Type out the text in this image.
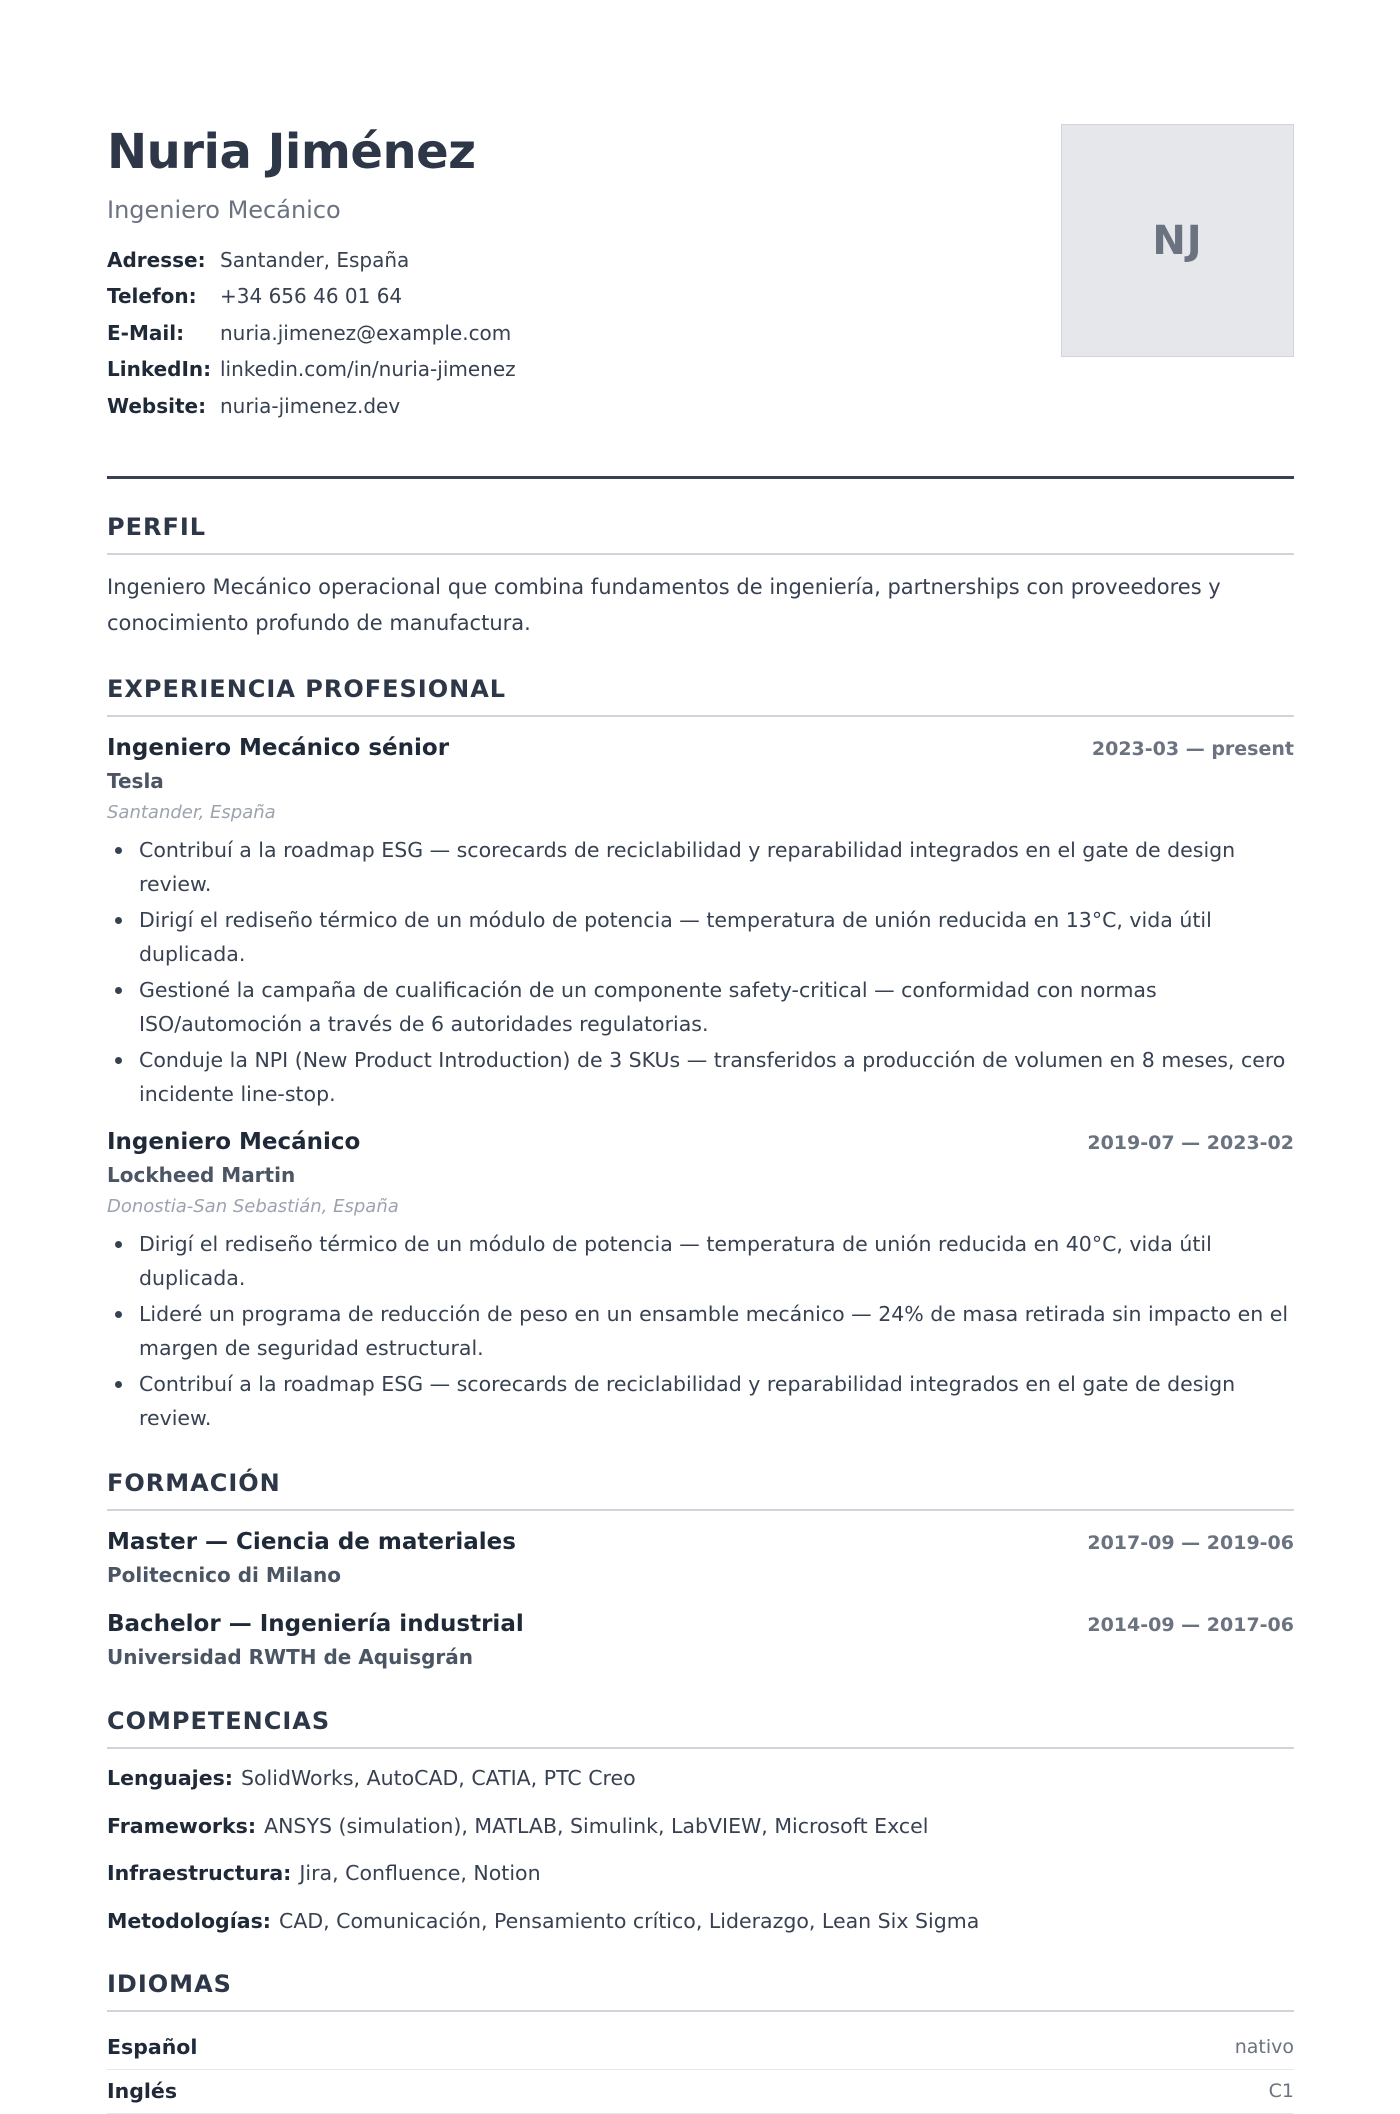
Nuria Jiménez
Ingeniero Mecánico
Adresse: Santander, España
Telefon:	+34 656 46 01 64
E-Mail:	nuria.jimenez@example.com
LinkedIn: linkedin.com/in/nuria-jimenez
Website: nuria-jimenez.dev
NJ
PERFIL

Ingeniero Mecánico operacional que combina fundamentos de ingeniería, partnerships con proveedores y conocimiento profundo de manufactura.

EXPERIENCIA PROFESIONAL
Ingeniero Mecánico sénior	2023-03 — present
Tesla
Santander, España
Contribuí a la roadmap ESG — scorecards de reciclabilidad y reparabilidad integrados en el gate de design review.
Dirigí el rediseño térmico de un módulo de potencia — temperatura de unión reducida en 13°C, vida útil duplicada.
Gestioné la campaña de cualificación de un componente safety-critical — conformidad con normas ISO/automoción a través de 6 autoridades regulatorias.
Conduje la NPI (New Product Introduction) de 3 SKUs — transferidos a producción de volumen en 8 meses, cero incidente line-stop.
Ingeniero Mecánico	2019-07 — 2023-02
Lockheed Martin
Donostia-San Sebastián, España
Dirigí el rediseño térmico de un módulo de potencia — temperatura de unión reducida en 40°C, vida útil duplicada.
Lideré un programa de reducción de peso en un ensamble mecánico — 24% de masa retirada sin impacto en el margen de seguridad estructural.
Contribuí a la roadmap ESG — scorecards de reciclabilidad y reparabilidad integrados en el gate de design review.
FORMACIÓN
Master — Ciencia de materiales	2017-09 — 2019-06
Politecnico di Milano
Bachelor — Ingeniería industrial	2014-09 — 2017-06
Universidad RWTH de Aquisgrán
COMPETENCIAS
Lenguajes: SolidWorks, AutoCAD, CATIA, PTC Creo
Frameworks: ANSYS (simulation), MATLAB, Simulink, LabVIEW, Microsoft Excel
Infraestructura: Jira, Confluence, Notion
Metodologías: CAD, Comunicación, Pensamiento crítico, Liderazgo, Lean Six Sigma
IDIOMAS
Español	nativo
Inglés	C1
